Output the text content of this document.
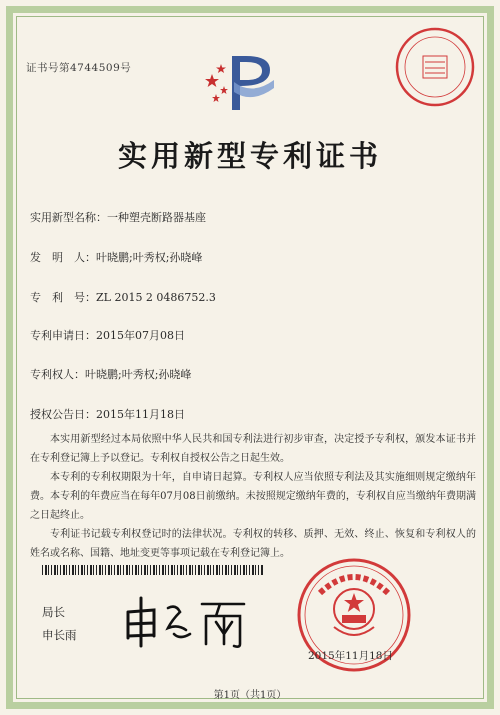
证书号第4744509号
实用新型专利证书
实用新型名称：一种塑壳断路器基座
发　明　人：叶晓鹏;叶秀权;孙晓峰
专　利　号：ZL 2015 2 0486752.3
专利申请日：2015年07月08日
专利权人：叶晓鹏;叶秀权;孙晓峰
授权公告日：2015年11月18日

本实用新型经过本局依照中华人民共和国专利法进行初步审查，决定授予专利权，颁发本证书并在专利登记簿上予以登记。专利权自授权公告之日起生效。

本专利的专利权期限为十年，自申请日起算。专利权人应当依照专利法及其实施细则规定缴纳年费。本专利的年费应当在每年07月08日前缴纳。未按照规定缴纳年费的，专利权自应当缴纳年费期满之日起终止。

专利证书记载专利权登记时的法律状况。专利权的转移、质押、无效、终止、恢复和专利权人的姓名或名称、国籍、地址变更等事项记载在专利登记簿上。

局长
申长雨
2015年11月18日
第1页（共1页）
